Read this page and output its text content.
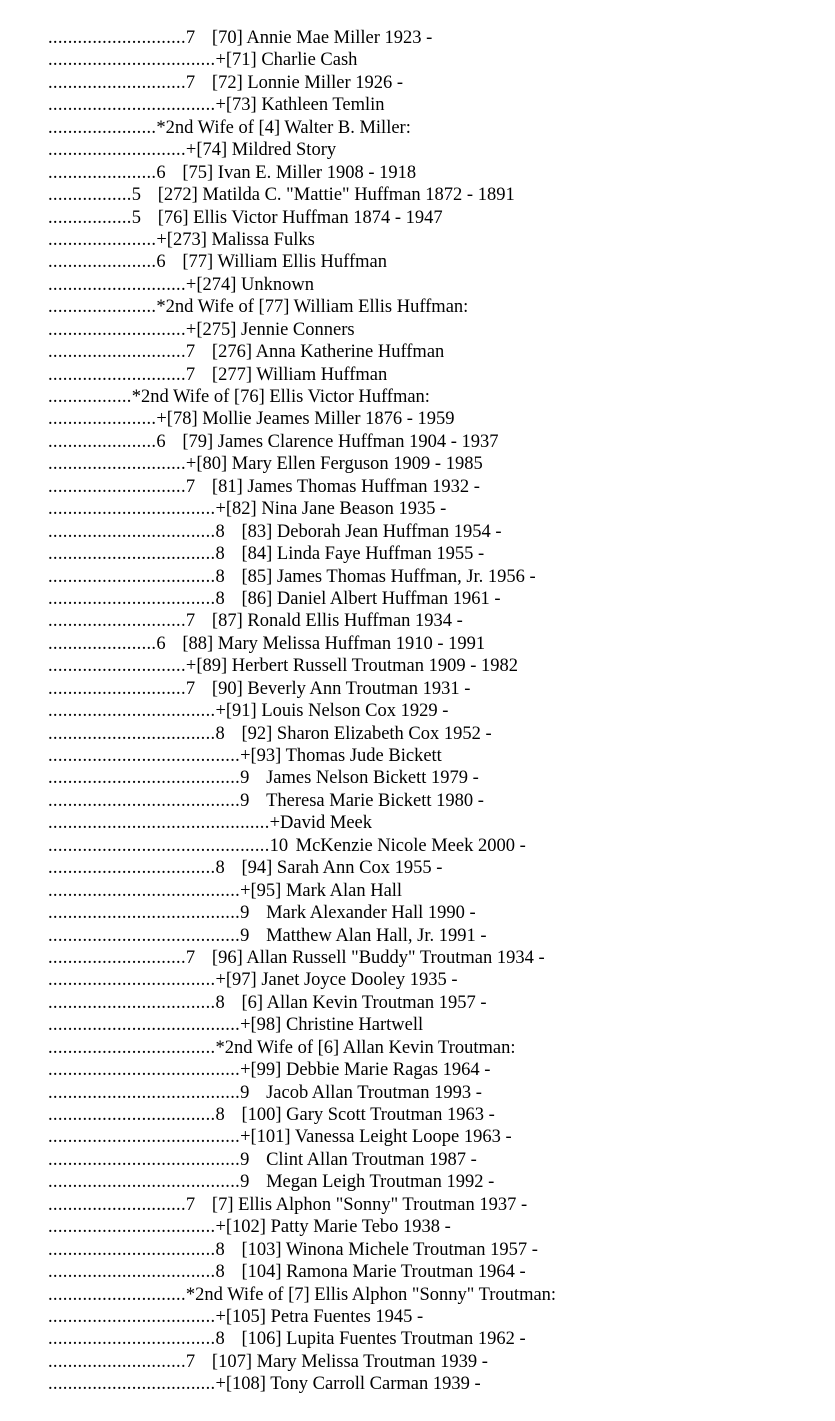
............................7 [70] Annie Mae Miller 1923 -
..................................+[71] Charlie Cash
............................7 [72] Lonnie Miller 1926 -
..................................+[73] Kathleen Temlin
......................*2nd Wife of [4] Walter B. Miller:
............................+[74] Mildred Story
......................6 [75] Ivan E. Miller 1908 - 1918
.................5 [272] Matilda C. "Mattie" Huffman 1872 - 1891
.................5 [76] Ellis Victor Huffman 1874 - 1947
......................+[273] Malissa Fulks
......................6 [77] William Ellis Huffman
............................+[274] Unknown
......................*2nd Wife of [77] William Ellis Huffman:
............................+[275] Jennie Conners
............................7 [276] Anna Katherine Huffman
............................7 [277] William Huffman
.................*2nd Wife of [76] Ellis Victor Huffman:
......................+[78] Mollie Jeames Miller 1876 - 1959
......................6 [79] James Clarence Huffman 1904 - 1937
............................+[80] Mary Ellen Ferguson 1909 - 1985
............................7 [81] James Thomas Huffman 1932 -
..................................+[82] Nina Jane Beason 1935 -
..................................8 [83] Deborah Jean Huffman 1954 -
..................................8 [84] Linda Faye Huffman 1955 -
..................................8 [85] James Thomas Huffman, Jr. 1956 -
..................................8 [86] Daniel Albert Huffman 1961 -
............................7 [87] Ronald Ellis Huffman 1934 -
......................6 [88] Mary Melissa Huffman 1910 - 1991
............................+[89] Herbert Russell Troutman 1909 - 1982
............................7 [90] Beverly Ann Troutman 1931 -
..................................+[91] Louis Nelson Cox 1929 -
..................................8 [92] Sharon Elizabeth Cox 1952 -
.......................................+[93] Thomas Jude Bickett
.......................................9 James Nelson Bickett 1979 -
.......................................9 Theresa Marie Bickett 1980 -
.............................................+David Meek
.............................................10 McKenzie Nicole Meek 2000 -
..................................8 [94] Sarah Ann Cox 1955 -
.......................................+[95] Mark Alan Hall
.......................................9 Mark Alexander Hall 1990 -
.......................................9 Matthew Alan Hall, Jr. 1991 -
............................7 [96] Allan Russell "Buddy" Troutman 1934 -
..................................+[97] Janet Joyce Dooley 1935 -
..................................8 [6] Allan Kevin Troutman 1957 -
.......................................+[98] Christine Hartwell
..................................*2nd Wife of [6] Allan Kevin Troutman:
.......................................+[99] Debbie Marie Ragas 1964 -
.......................................9 Jacob Allan Troutman 1993 -
..................................8 [100] Gary Scott Troutman 1963 -
.......................................+[101] Vanessa Leight Loope 1963 -
.......................................9 Clint Allan Troutman 1987 -
.......................................9 Megan Leigh Troutman 1992 -
............................7 [7] Ellis Alphon "Sonny" Troutman 1937 -
..................................+[102] Patty Marie Tebo 1938 -
..................................8 [103] Winona Michele Troutman 1957 -
..................................8 [104] Ramona Marie Troutman 1964 -
............................*2nd Wife of [7] Ellis Alphon "Sonny" Troutman:
..................................+[105] Petra Fuentes 1945 -
..................................8 [106] Lupita Fuentes Troutman 1962 -
............................7 [107] Mary Melissa Troutman 1939 -
..................................+[108] Tony Carroll Carman 1939 -
